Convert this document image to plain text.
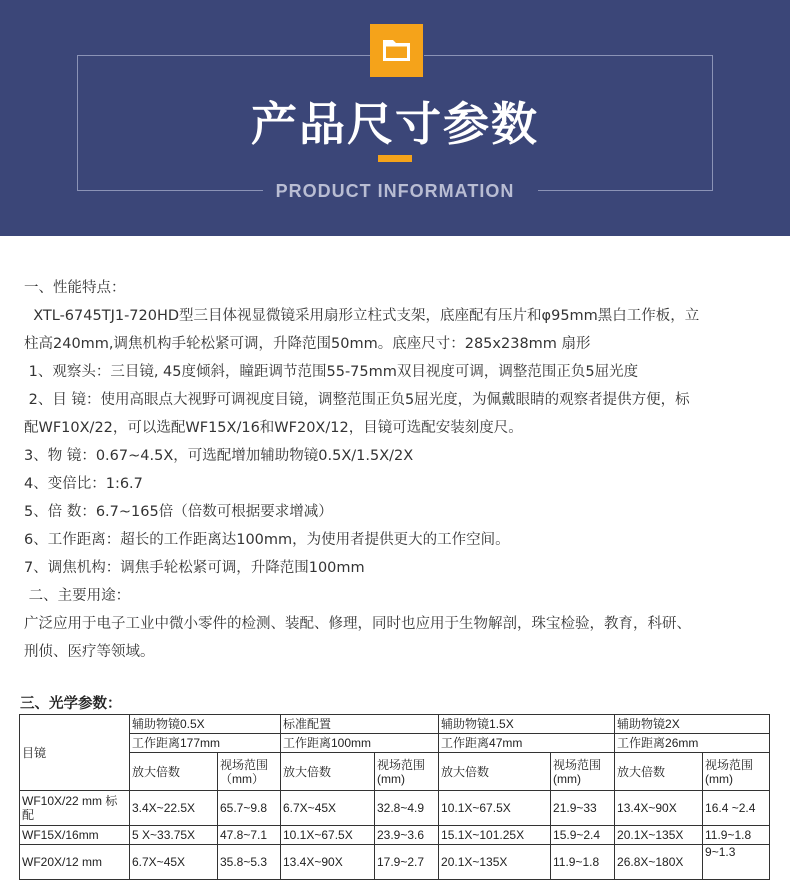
产品尺寸参数
PRODUCT INFORMATION
一、性能特点：
XTL-6745TJ1-720HD型三目体视显微镜采用扇形立柱式支架，底座配有压片和φ95mm黑白工作板，立
柱高240mm,调焦机构手轮松紧可调，升降范围50mm。底座尺寸：285x238mm 扇形
1、观察头：三目镜, 45度倾斜，瞳距调节范围55-75mm双目视度可调，调整范围正负5屈光度
2、目 镜：使用高眼点大视野可调视度目镜，调整范围正负5屈光度，为佩戴眼睛的观察者提供方便，标
配WF10X/22，可以选配WF15X/16和WF20X/12，目镜可选配安装刻度尺。
3、物 镜：0.67~4.5X，可选配增加辅助物镜0.5X/1.5X/2X
4、变倍比：1:6.7
5、倍 数：6.7~165倍（倍数可根据要求增减）
6、工作距离：超长的工作距离达100mm，为使用者提供更大的工作空间。
7、调焦机构：调焦手轮松紧可调，升降范围100mm
二、主要用途：
广泛应用于电子工业中微小零件的检测、装配、修理，同时也应用于生物解剖，珠宝检验，教育，科研、
刑侦、医疗等领域。
三、光学参数：
目镜	辅助物镜0.5X		标准配置		辅助物镜1.5X		辅助物镜2X	
	工作距离177mm		工作距离100mm		工作距离47mm		工作距离26mm	
	放大倍数	视场范围（mm）	放大倍数	视场范围(mm)	放大倍数	视场范围(mm)	放大倍数	视场范围(mm)
WF10X/22 mm 标配	3.4X~22.5X	65.7~9.8	6.7X~45X	32.8~4.9	10.1X~67.5X	21.9~33	13.4X~90X	16.4 ~2.4
WF15X/16mm	5 X~33.75X	47.8~7.1	10.1X~67.5X	23.9~3.6	15.1X~101.25X	15.9~2.4	20.1X~135X	11.9~1.8
WF20X/12 mm	6.7X~45X	35.8~5.3	13.4X~90X	17.9~2.7	20.1X~135X	11.9~1.8	26.8X~180X	9~1.3
